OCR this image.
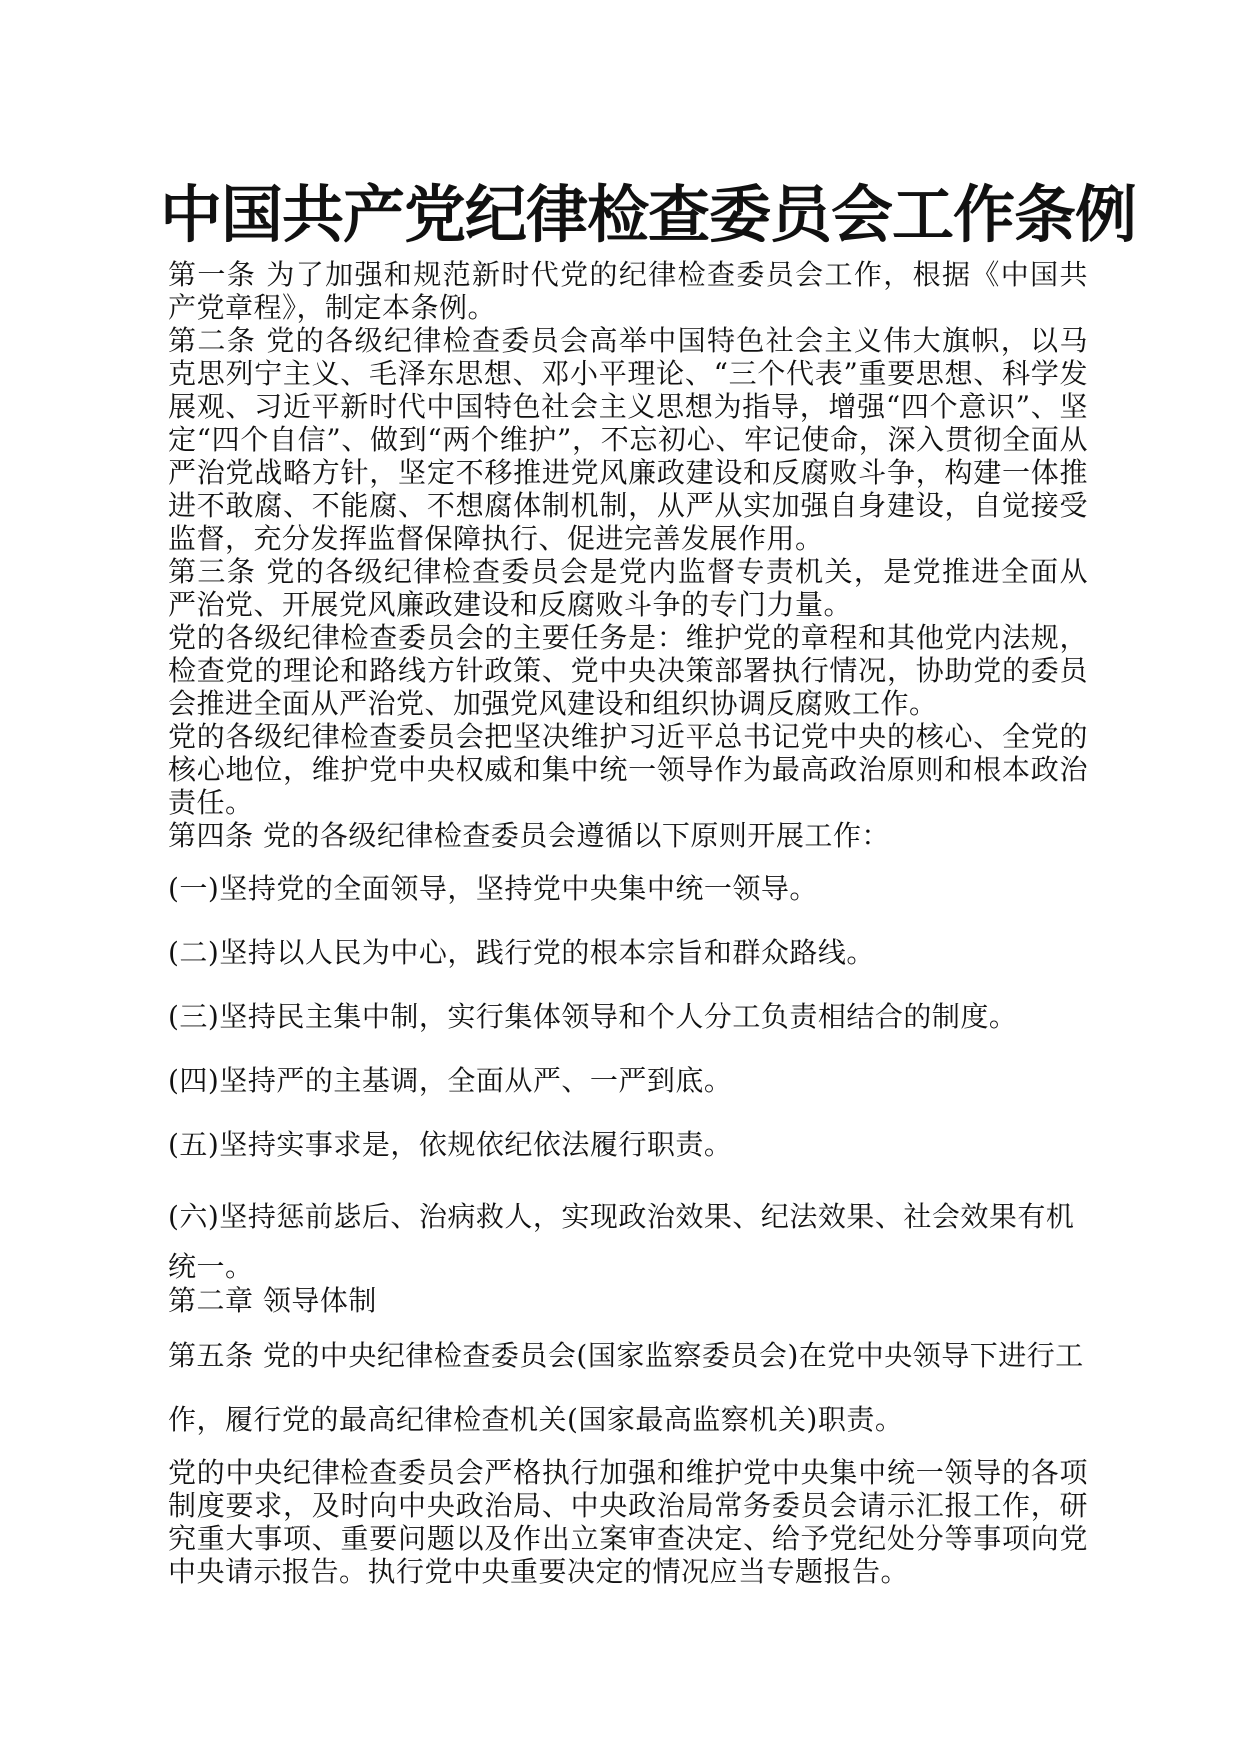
中国共产党纪律检查委员会工作条例

第一条 为了加强和规范新时代党的纪律检查委员会工作，根据《中国共产党章程》，制定本条例。

第二条 党的各级纪律检查委员会高举中国特色社会主义伟大旗帜，以马克思列宁主义、毛泽东思想、邓小平理论、“三个代表”重要思想、科学发展观、习近平新时代中国特色社会主义思想为指导，增强“四个意识”、坚定“四个自信”、做到“两个维护”，不忘初心、牢记使命，深入贯彻全面从严治党战略方针，坚定不移推进党风廉政建设和反腐败斗争，构建一体推进不敢腐、不能腐、不想腐体制机制，从严从实加强自身建设，自觉接受监督，充分发挥监督保障执行、促进完善发展作用。

第三条 党的各级纪律检查委员会是党内监督专责机关，是党推进全面从严治党、开展党风廉政建设和反腐败斗争的专门力量。

党的各级纪律检查委员会的主要任务是：维护党的章程和其他党内法规，检查党的理论和路线方针政策、党中央决策部署执行情况，协助党的委员会推进全面从严治党、加强党风建设和组织协调反腐败工作。

党的各级纪律检查委员会把坚决维护习近平总书记党中央的核心、全党的核心地位，维护党中央权威和集中统一领导作为最高政治原则和根本政治责任。

第四条 党的各级纪律检查委员会遵循以下原则开展工作：

(一)坚持党的全面领导，坚持党中央集中统一领导。

(二)坚持以人民为中心，践行党的根本宗旨和群众路线。

(三)坚持民主集中制，实行集体领导和个人分工负责相结合的制度。

(四)坚持严的主基调，全面从严、一严到底。

(五)坚持实事求是，依规依纪依法履行职责。

(六)坚持惩前毖后、治病救人，实现政治效果、纪法效果、社会效果有机统一。

第二章 领导体制

第五条 党的中央纪律检查委员会(国家监察委员会)在党中央领导下进行工

作，履行党的最高纪律检查机关(国家最高监察机关)职责。

党的中央纪律检查委员会严格执行加强和维护党中央集中统一领导的各项制度要求，及时向中央政治局、中央政治局常务委员会请示汇报工作，研究重大事项、重要问题以及作出立案审查决定、给予党纪处分等事项向党中央请示报告。执行党中央重要决定的情况应当专题报告。
